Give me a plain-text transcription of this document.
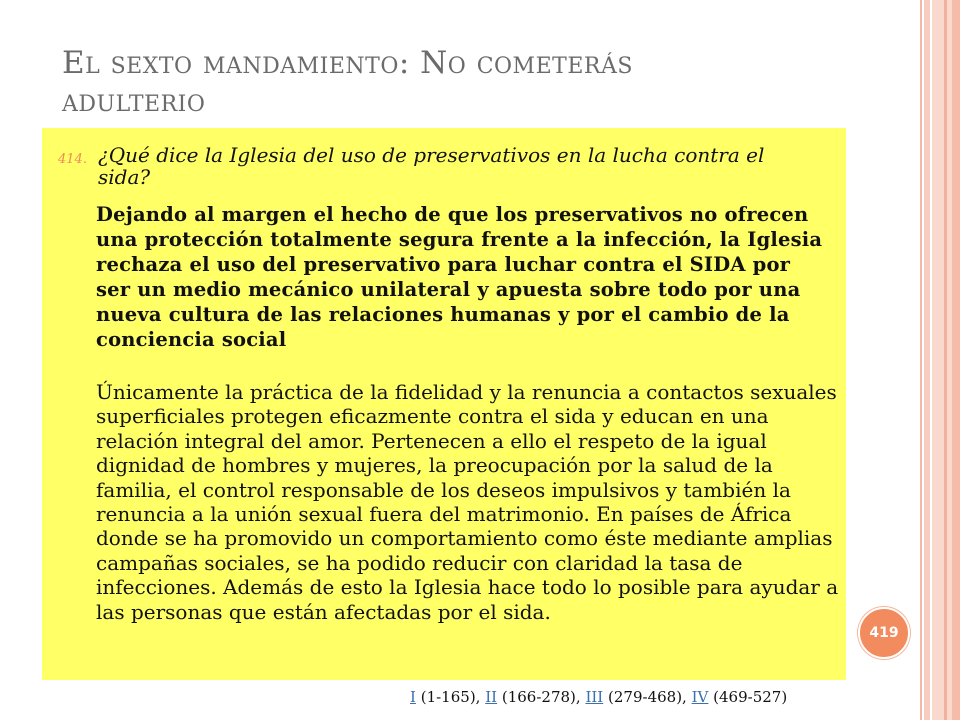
El sexto mandamiento: No cometerás
adulterio
414. ¿Qué dice la Iglesia del uso de preservativos en la lucha contra el sida?
Dejando al margen el hecho de que los preservativos no ofrecen una protección totalmente segura frente a la infección, la Iglesia rechaza el uso del preservativo para luchar contra el SIDA por ser un medio mecánico unilateral y apuesta sobre todo por una nueva cultura de las relaciones humanas y por el cambio de la conciencia social
Únicamente la práctica de la fidelidad y la renuncia a contactos sexuales superficiales protegen eficazmente contra el sida y educan en una relación integral del amor. Pertenecen a ello el respeto de la igual dignidad de hombres y mujeres, la preocupación por la salud de la familia, el control responsable de los deseos impulsivos y también la renuncia a la unión sexual fuera del matrimonio. En países de África donde se ha promovido un comportamiento como éste mediante amplias campañas sociales, se ha podido reducir con claridad la tasa de infecciones. Además de esto la Iglesia hace todo lo posible para ayudar a las personas que están afectadas por el sida.
419
I (1-165), II (166-278), III (279-468), IV (469-527)
